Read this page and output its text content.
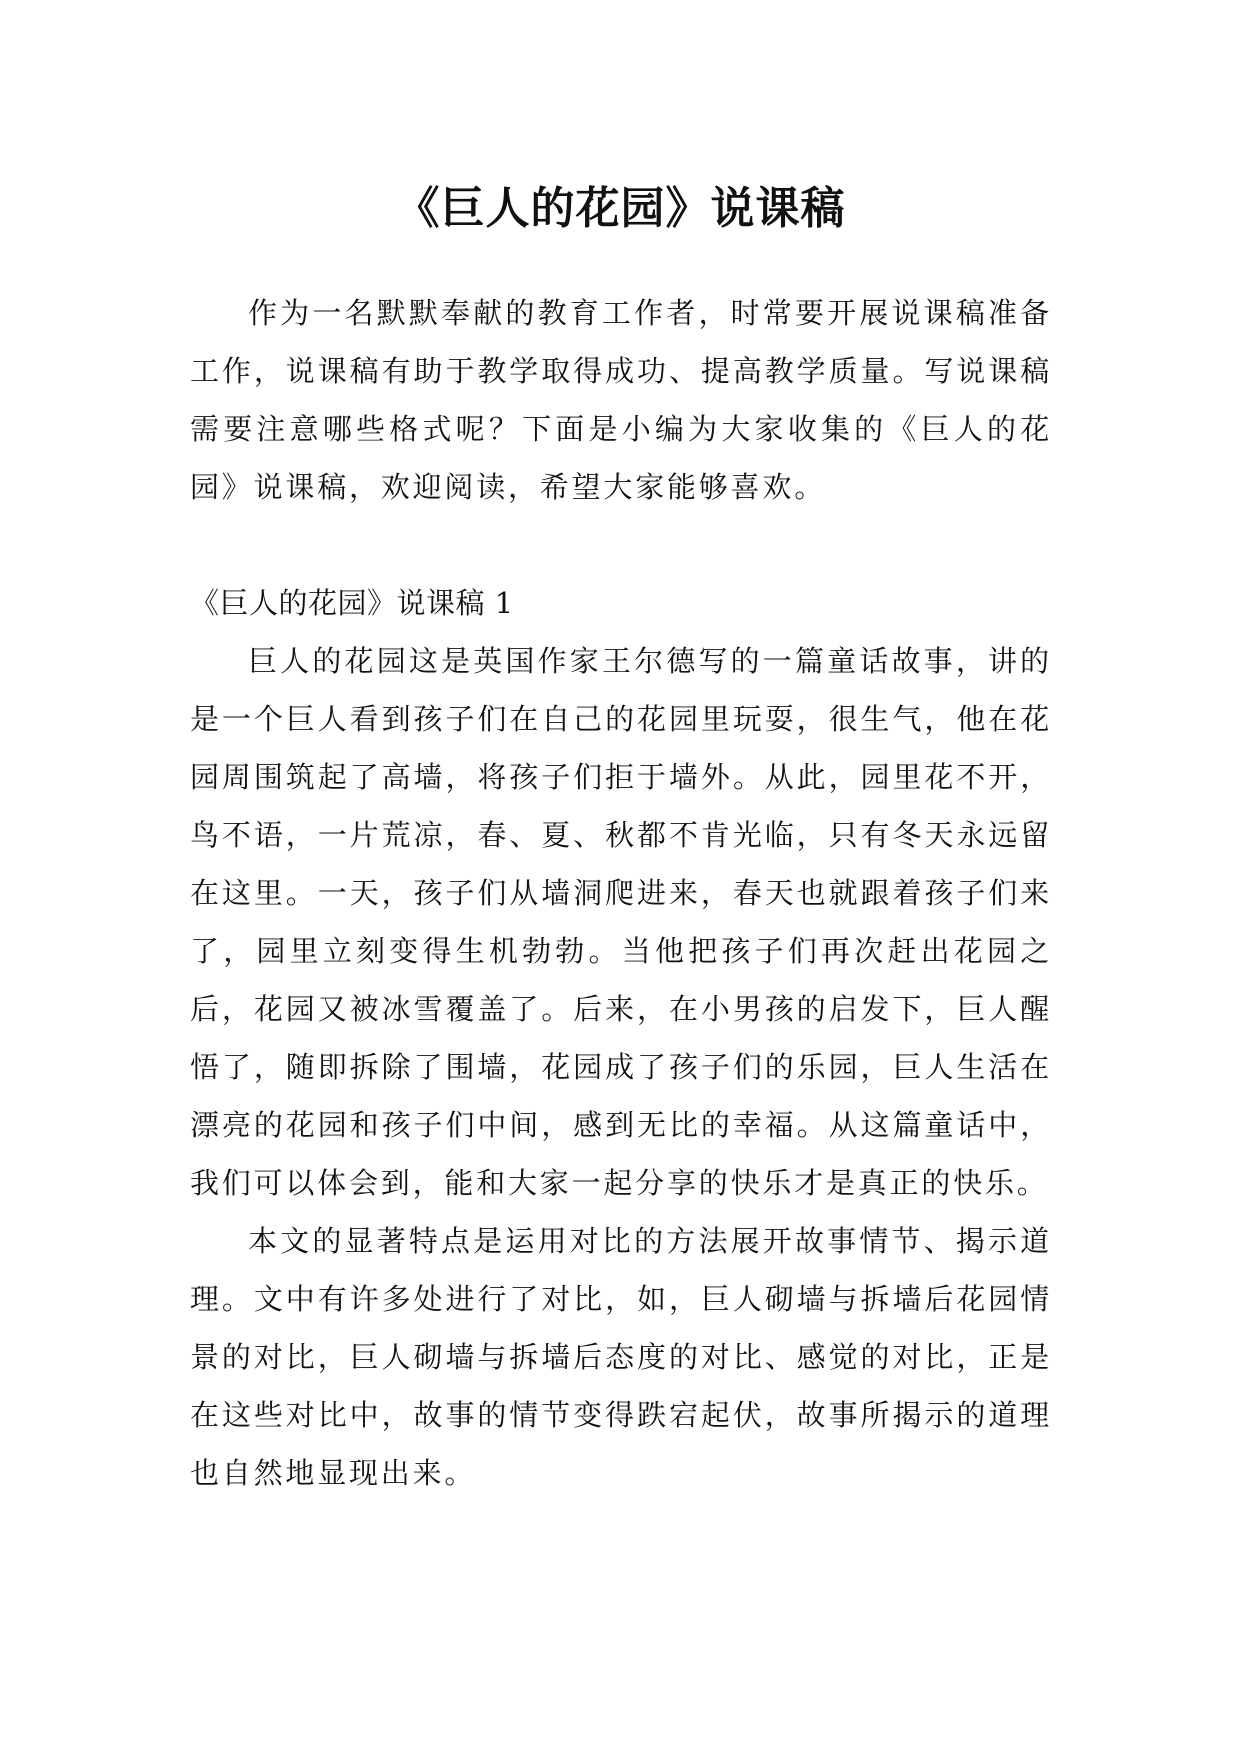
《巨人的花园》说课稿

作为一名默默奉献的教育工作者，时常要开展说课稿准备工作，说课稿有助于教学取得成功、提高教学质量。写说课稿需要注意哪些格式呢？下面是小编为大家收集的《巨人的花园》说课稿，欢迎阅读，希望大家能够喜欢。

《巨人的花园》说课稿 1

巨人的花园这是英国作家王尔德写的一篇童话故事，讲的是一个巨人看到孩子们在自己的花园里玩耍，很生气，他在花园周围筑起了高墙，将孩子们拒于墙外。从此，园里花不开，鸟不语，一片荒凉，春、夏、秋都不肯光临，只有冬天永远留在这里。一天，孩子们从墙洞爬进来，春天也就跟着孩子们来了，园里立刻变得生机勃勃。当他把孩子们再次赶出花园之后，花园又被冰雪覆盖了。后来，在小男孩的启发下，巨人醒悟了，随即拆除了围墙，花园成了孩子们的乐园，巨人生活在漂亮的花园和孩子们中间，感到无比的幸福。从这篇童话中，我们可以体会到，能和大家一起分享的快乐才是真正的快乐。

本文的显著特点是运用对比的方法展开故事情节、揭示道理。文中有许多处进行了对比，如，巨人砌墙与拆墙后花园情景的对比，巨人砌墙与拆墙后态度的对比、感觉的对比，正是在这些对比中，故事的情节变得跌宕起伏，故事所揭示的道理也自然地显现出来。
